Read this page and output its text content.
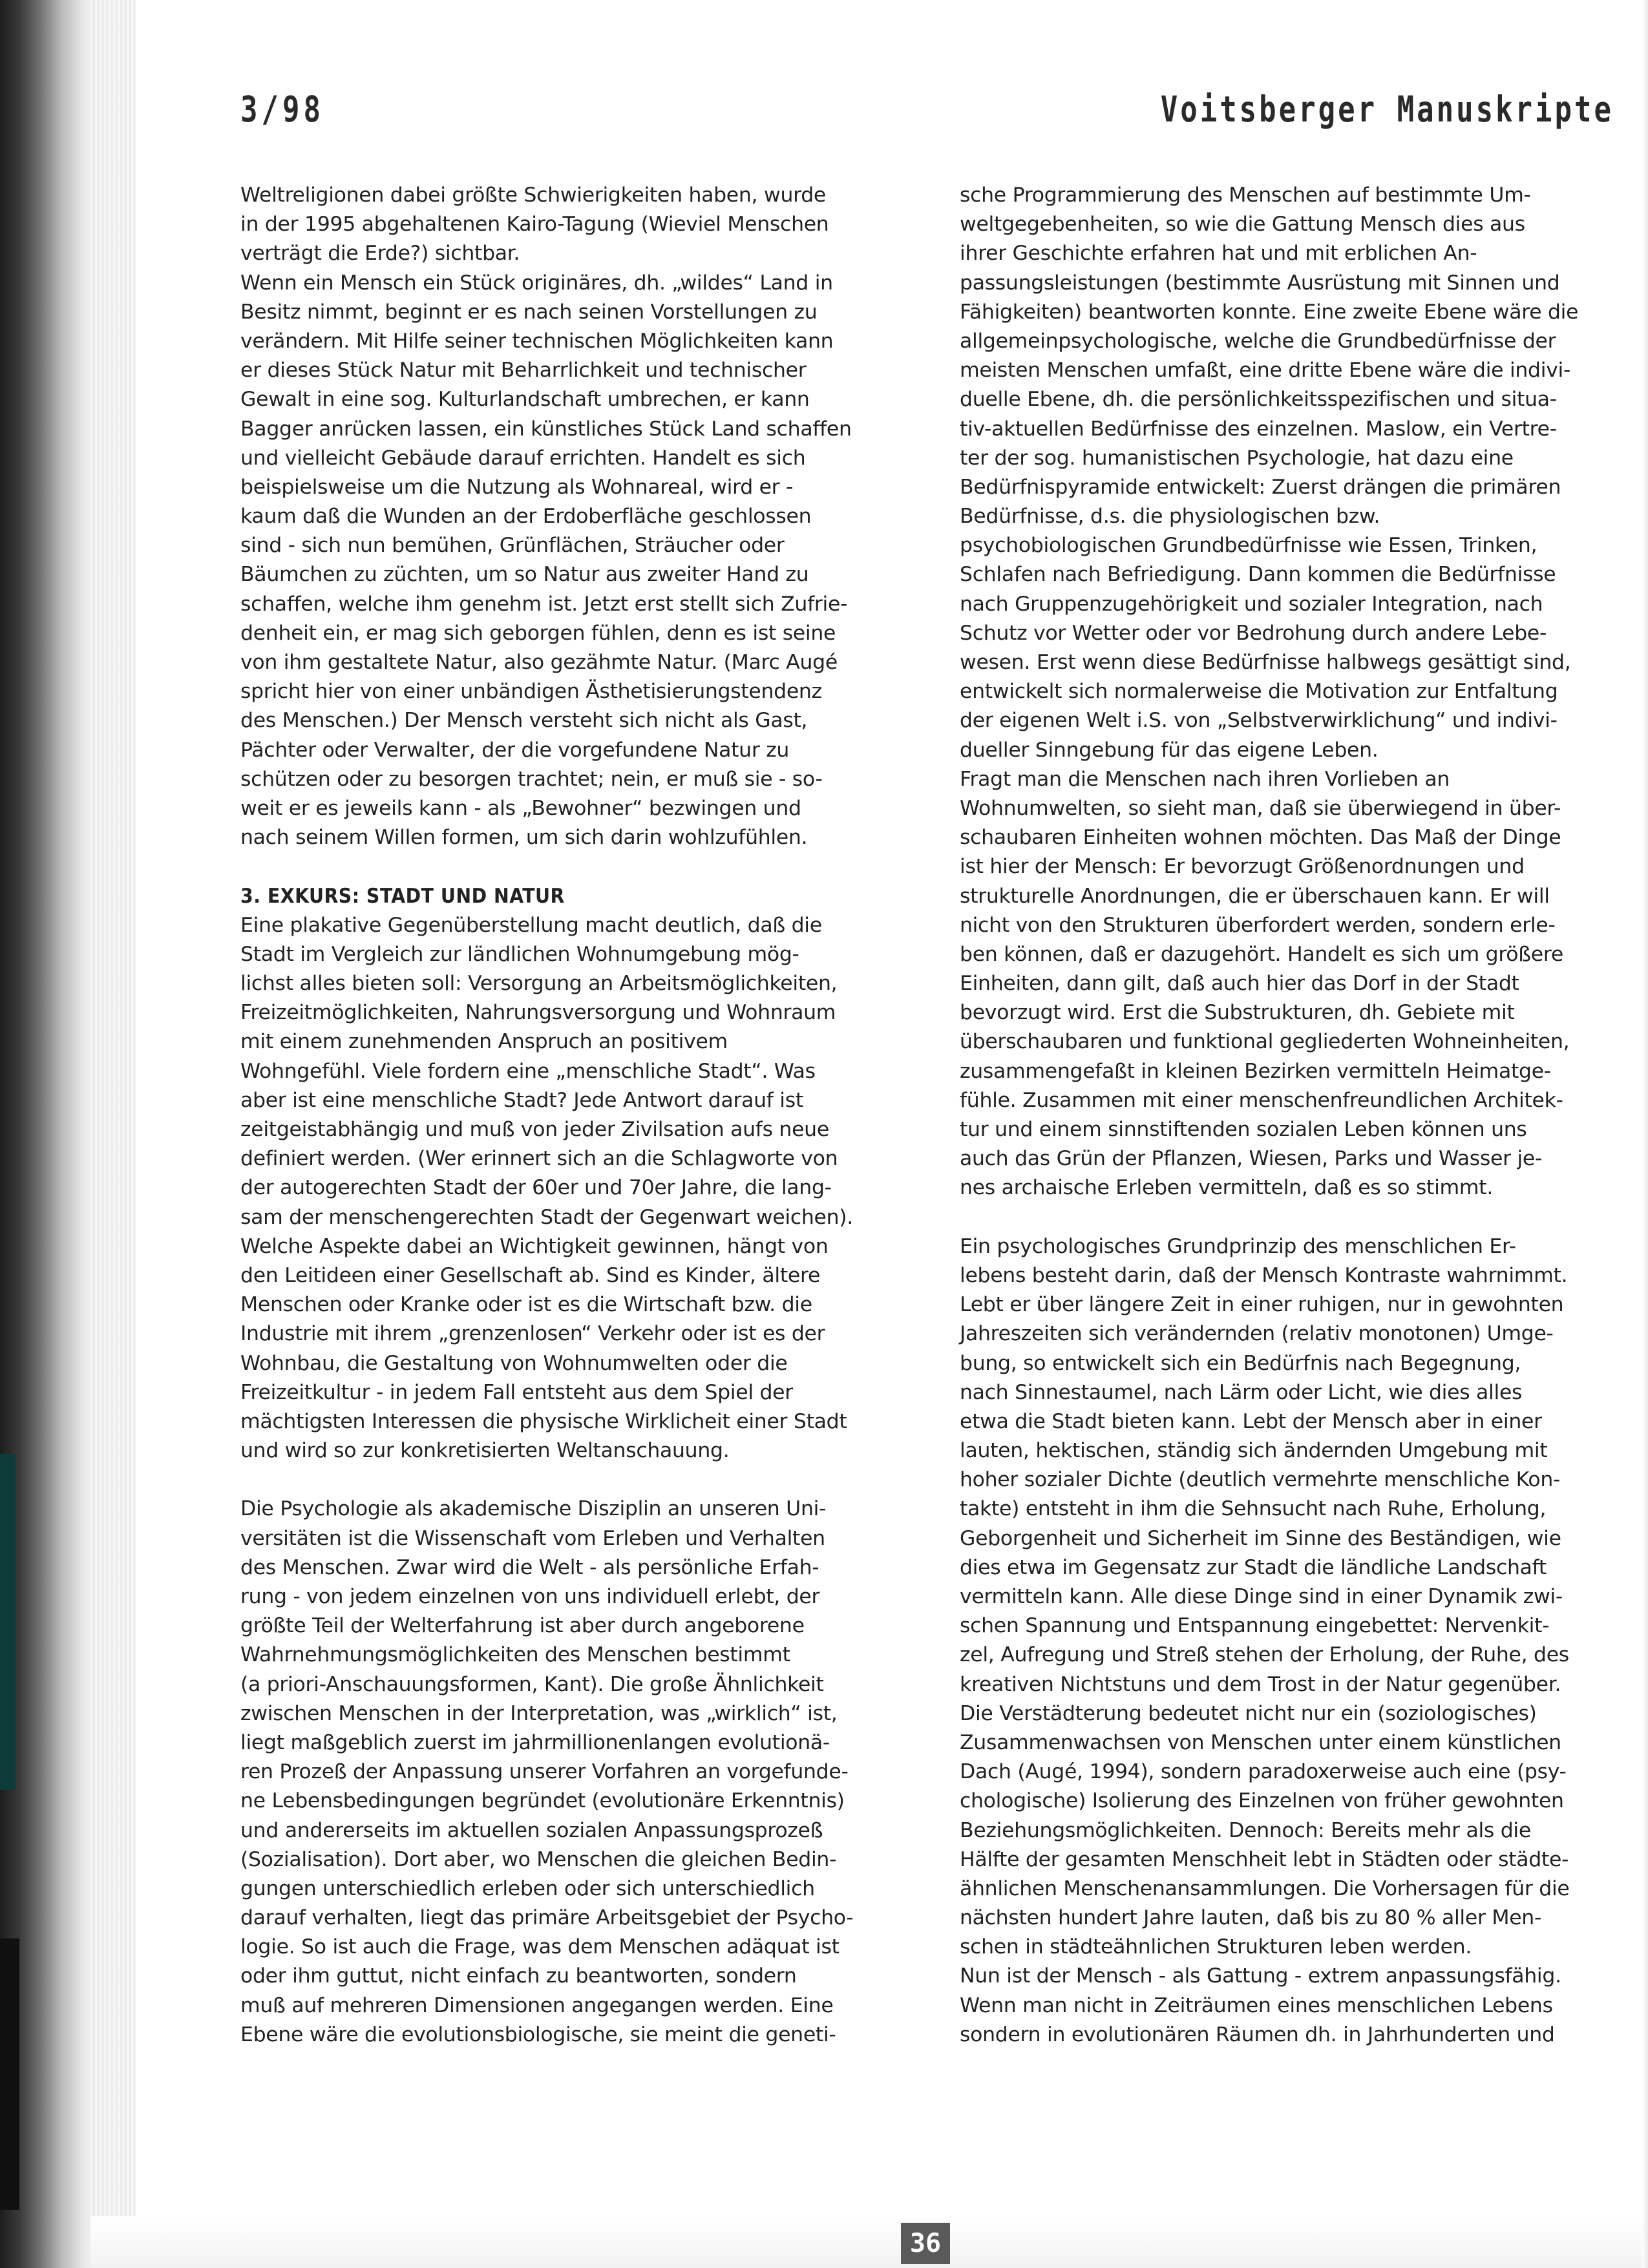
3/98	Voitsberger Manuskripte
Weltreligionen dabei größte Schwierigkeiten haben, wurde
in der 1995 abgehaltenen Kairo-Tagung (Wieviel Menschen
verträgt die Erde?) sichtbar.
Wenn ein Mensch ein Stück originäres, dh. „wildes“ Land in
Besitz nimmt, beginnt er es nach seinen Vorstellungen zu
verändern. Mit Hilfe seiner technischen Möglichkeiten kann
er dieses Stück Natur mit Beharrlichkeit und technischer
Gewalt in eine sog. Kulturlandschaft umbrechen, er kann
Bagger anrücken lassen, ein künstliches Stück Land schaffen
und vielleicht Gebäude darauf errichten. Handelt es sich
beispielsweise um die Nutzung als Wohnareal, wird er -
kaum daß die Wunden an der Erdoberfläche geschlossen
sind - sich nun bemühen, Grünflächen, Sträucher oder
Bäumchen zu züchten, um so Natur aus zweiter Hand zu
schaffen, welche ihm genehm ist. Jetzt erst stellt sich Zufrie-
denheit ein, er mag sich geborgen fühlen, denn es ist seine
von ihm gestaltete Natur, also gezähmte Natur. (Marc Augé
spricht hier von einer unbändigen Ästhetisierungstendenz
des Menschen.) Der Mensch versteht sich nicht als Gast,
Pächter oder Verwalter, der die vorgefundene Natur zu
schützen oder zu besorgen trachtet; nein, er muß sie - so-
weit er es jeweils kann - als „Bewohner“ bezwingen und
nach seinem Willen formen, um sich darin wohlzufühlen.
3. EXKURS: STADT UND NATUR
Eine plakative Gegenüberstellung macht deutlich, daß die
Stadt im Vergleich zur ländlichen Wohnumgebung mög-
lichst alles bieten soll: Versorgung an Arbeitsmöglichkeiten,
Freizeitmöglichkeiten, Nahrungsversorgung und Wohnraum
mit einem zunehmenden Anspruch an positivem
Wohngefühl. Viele fordern eine „menschliche Stadt“. Was
aber ist eine menschliche Stadt? Jede Antwort darauf ist
zeitgeistabhängig und muß von jeder Zivilsation aufs neue
definiert werden. (Wer erinnert sich an die Schlagworte von
der autogerechten Stadt der 60er und 70er Jahre, die lang-
sam der menschengerechten Stadt der Gegenwart weichen).
Welche Aspekte dabei an Wichtigkeit gewinnen, hängt von
den Leitideen einer Gesellschaft ab. Sind es Kinder, ältere
Menschen oder Kranke oder ist es die Wirtschaft bzw. die
Industrie mit ihrem „grenzenlosen“ Verkehr oder ist es der
Wohnbau, die Gestaltung von Wohnumwelten oder die
Freizeitkultur - in jedem Fall entsteht aus dem Spiel der
mächtigsten Interessen die physische Wirklicheit einer Stadt
und wird so zur konkretisierten Weltanschauung.
Die Psychologie als akademische Disziplin an unseren Uni-
versitäten ist die Wissenschaft vom Erleben und Verhalten
des Menschen. Zwar wird die Welt - als persönliche Erfah-
rung - von jedem einzelnen von uns individuell erlebt, der
größte Teil der Welterfahrung ist aber durch angeborene
Wahrnehmungsmöglichkeiten des Menschen bestimmt
(a priori-Anschauungsformen, Kant). Die große Ähnlichkeit
zwischen Menschen in der Interpretation, was „wirklich“ ist,
liegt maßgeblich zuerst im jahrmillionenlangen evolutionä-
ren Prozeß der Anpassung unserer Vorfahren an vorgefunde-
ne Lebensbedingungen begründet (evolutionäre Erkenntnis)
und andererseits im aktuellen sozialen Anpassungsprozeß
(Sozialisation). Dort aber, wo Menschen die gleichen Bedin-
gungen unterschiedlich erleben oder sich unterschiedlich
darauf verhalten, liegt das primäre Arbeitsgebiet der Psycho-
logie. So ist auch die Frage, was dem Menschen adäquat ist
oder ihm guttut, nicht einfach zu beantworten, sondern
muß auf mehreren Dimensionen angegangen werden. Eine
Ebene wäre die evolutionsbiologische, sie meint die geneti-
sche Programmierung des Menschen auf bestimmte Um-
weltgegebenheiten, so wie die Gattung Mensch dies aus
ihrer Geschichte erfahren hat und mit erblichen An-
passungsleistungen (bestimmte Ausrüstung mit Sinnen und
Fähigkeiten) beantworten konnte. Eine zweite Ebene wäre die
allgemeinpsychologische, welche die Grundbedürfnisse der
meisten Menschen umfaßt, eine dritte Ebene wäre die indivi-
duelle Ebene, dh. die persönlichkeitsspezifischen und situa-
tiv-aktuellen Bedürfnisse des einzelnen. Maslow, ein Vertre-
ter der sog. humanistischen Psychologie, hat dazu eine
Bedürfnispyramide entwickelt: Zuerst drängen die primären
Bedürfnisse, d.s. die physiologischen bzw.
psychobiologischen Grundbedürfnisse wie Essen, Trinken,
Schlafen nach Befriedigung. Dann kommen die Bedürfnisse
nach Gruppenzugehörigkeit und sozialer Integration, nach
Schutz vor Wetter oder vor Bedrohung durch andere Lebe-
wesen. Erst wenn diese Bedürfnisse halbwegs gesättigt sind,
entwickelt sich normalerweise die Motivation zur Entfaltung
der eigenen Welt i.S. von „Selbstverwirklichung“ und indivi-
dueller Sinngebung für das eigene Leben.
Fragt man die Menschen nach ihren Vorlieben an
Wohnumwelten, so sieht man, daß sie überwiegend in über-
schaubaren Einheiten wohnen möchten. Das Maß der Dinge
ist hier der Mensch: Er bevorzugt Größenordnungen und
strukturelle Anordnungen, die er überschauen kann. Er will
nicht von den Strukturen überfordert werden, sondern erle-
ben können, daß er dazugehört. Handelt es sich um größere
Einheiten, dann gilt, daß auch hier das Dorf in der Stadt
bevorzugt wird. Erst die Substrukturen, dh. Gebiete mit
überschaubaren und funktional gegliederten Wohneinheiten,
zusammengefaßt in kleinen Bezirken vermitteln Heimatge-
fühle. Zusammen mit einer menschenfreundlichen Architek-
tur und einem sinnstiftenden sozialen Leben können uns
auch das Grün der Pflanzen, Wiesen, Parks und Wasser je-
nes archaische Erleben vermitteln, daß es so stimmt.
Ein psychologisches Grundprinzip des menschlichen Er-
lebens besteht darin, daß der Mensch Kontraste wahrnimmt.
Lebt er über längere Zeit in einer ruhigen, nur in gewohnten
Jahreszeiten sich verändernden (relativ monotonen) Umge-
bung, so entwickelt sich ein Bedürfnis nach Begegnung,
nach Sinnestaumel, nach Lärm oder Licht, wie dies alles
etwa die Stadt bieten kann. Lebt der Mensch aber in einer
lauten, hektischen, ständig sich ändernden Umgebung mit
hoher sozialer Dichte (deutlich vermehrte menschliche Kon-
takte) entsteht in ihm die Sehnsucht nach Ruhe, Erholung,
Geborgenheit und Sicherheit im Sinne des Beständigen, wie
dies etwa im Gegensatz zur Stadt die ländliche Landschaft
vermitteln kann. Alle diese Dinge sind in einer Dynamik zwi-
schen Spannung und Entspannung eingebettet: Nervenkit-
zel, Aufregung und Streß stehen der Erholung, der Ruhe, des
kreativen Nichtstuns und dem Trost in der Natur gegenüber.
Die Verstädterung bedeutet nicht nur ein (soziologisches)
Zusammenwachsen von Menschen unter einem künstlichen
Dach (Augé, 1994), sondern paradoxerweise auch eine (psy-
chologische) Isolierung des Einzelnen von früher gewohnten
Beziehungsmöglichkeiten. Dennoch: Bereits mehr als die
Hälfte der gesamten Menschheit lebt in Städten oder städte-
ähnlichen Menschenansammlungen. Die Vorhersagen für die
nächsten hundert Jahre lauten, daß bis zu 80 % aller Men-
schen in städteähnlichen Strukturen leben werden.
Nun ist der Mensch - als Gattung - extrem anpassungsfähig.
Wenn man nicht in Zeiträumen eines menschlichen Lebens
sondern in evolutionären Räumen dh. in Jahrhunderten und
36
